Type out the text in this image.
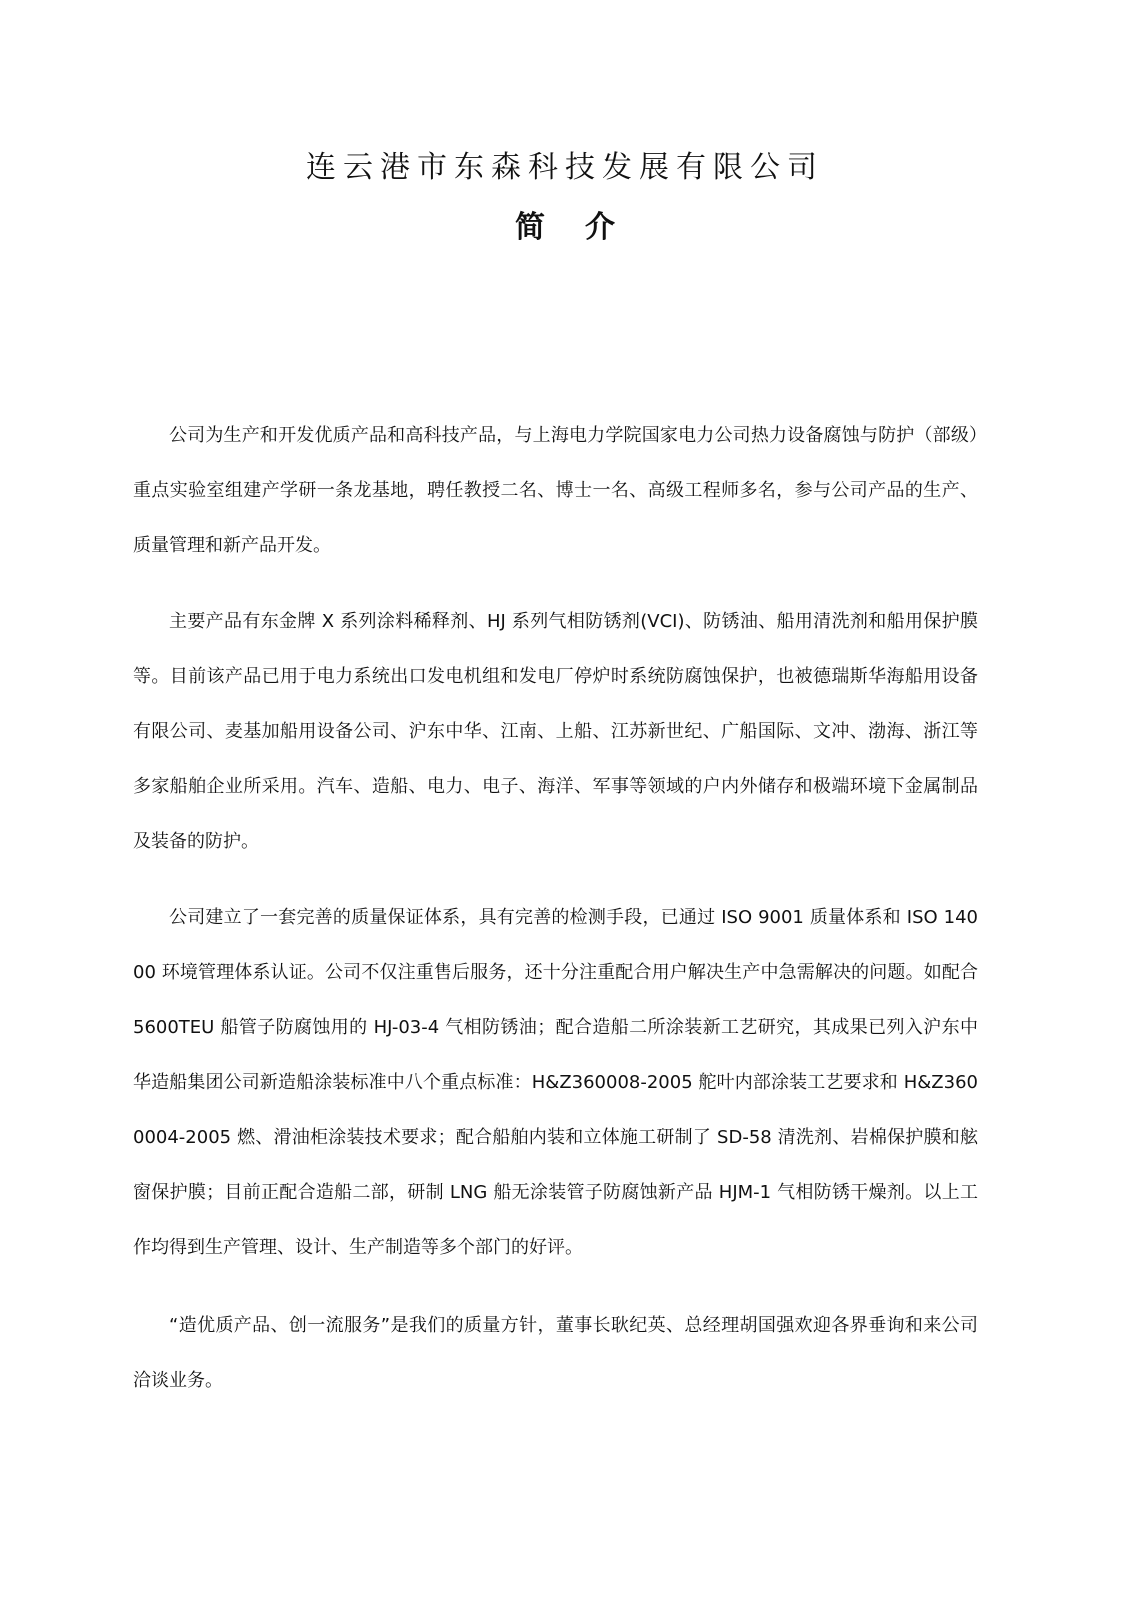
连云港市东森科技发展有限公司
简介

公司为生产和开发优质产品和高科技产品，与上海电力学院国家电力公司热力设备腐蚀与防护（部级）重点实验室组建产学研一条龙基地，聘任教授二名、博士一名、高级工程师多名，参与公司产品的生产、质量管理和新产品开发。

主要产品有东金牌 X 系列涂料稀释剂、HJ 系列气相防锈剂(VCI)、防锈油、船用清洗剂和船用保护膜等。目前该产品已用于电力系统出口发电机组和发电厂停炉时系统防腐蚀保护，也被德瑞斯华海船用设备有限公司、麦基加船用设备公司、沪东中华、江南、上船、江苏新世纪、广船国际、文冲、渤海、浙江等多家船舶企业所采用。汽车、造船、电力、电子、海洋、军事等领域的户内外储存和极端环境下金属制品及装备的防护。

公司建立了一套完善的质量保证体系，具有完善的检测手段，已通过 ISO 9001 质量体系和 ISO 14000 环境管理体系认证。公司不仅注重售后服务，还十分注重配合用户解决生产中急需解决的问题。如配合 5600TEU 船管子防腐蚀用的 HJ-03-4 气相防锈油；配合造船二所涂装新工艺研究，其成果已列入沪东中华造船集团公司新造船涂装标准中八个重点标准：H&Z360008-2005 舵叶内部涂装工艺要求和 H&Z3600004-2005 燃、滑油柜涂装技术要求；配合船舶内装和立体施工研制了 SD-58 清洗剂、岩棉保护膜和舷窗保护膜；目前正配合造船二部，研制 LNG 船无涂装管子防腐蚀新产品 HJM-1 气相防锈干燥剂。以上工作均得到生产管理、设计、生产制造等多个部门的好评。

“造优质产品、创一流服务”是我们的质量方针，董事长耿纪英、总经理胡国强欢迎各界垂询和来公司洽谈业务。
